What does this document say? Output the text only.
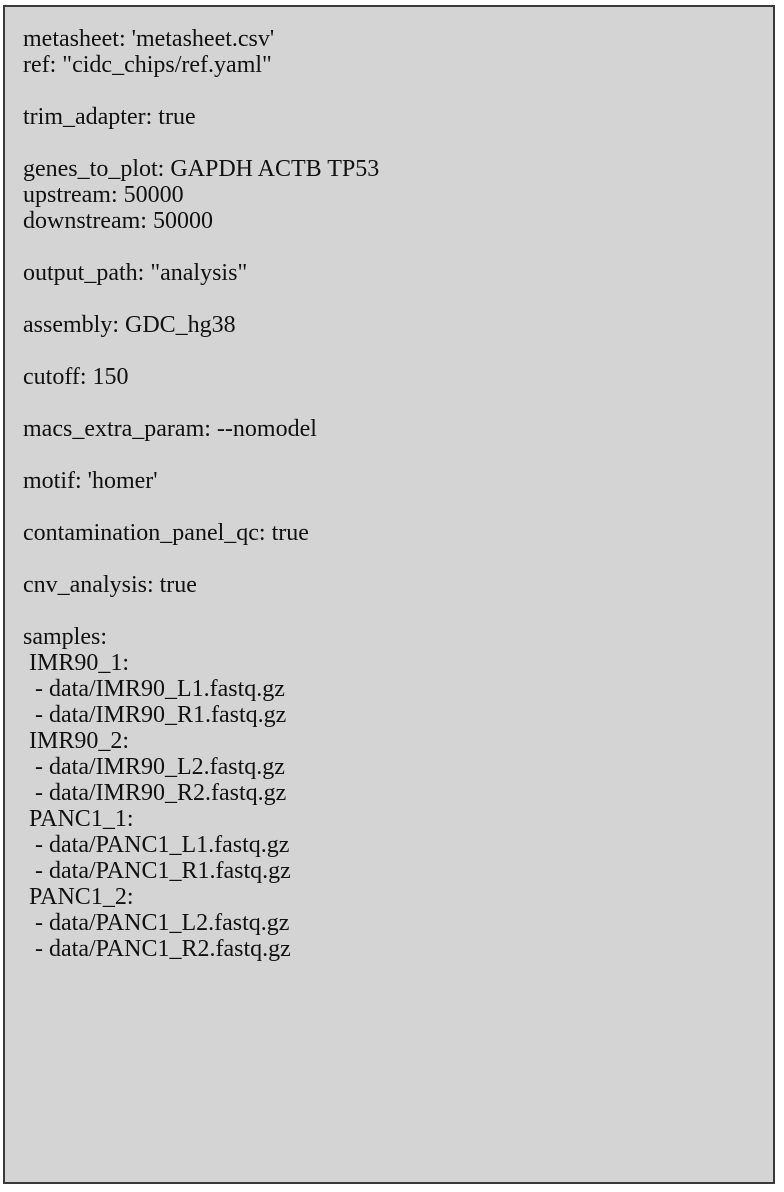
metasheet: 'metasheet.csv'
ref: "cidc_chips/ref.yaml"
trim_adapter: true
genes_to_plot: GAPDH ACTB TP53
upstream: 50000
downstream: 50000
output_path: "analysis"
assembly: GDC_hg38
cutoff: 150
macs_extra_param: --nomodel
motif: 'homer'
contamination_panel_qc: true
cnv_analysis: true
samples:
IMR90_1:
- data/IMR90_L1.fastq.gz
- data/IMR90_R1.fastq.gz
IMR90_2:
- data/IMR90_L2.fastq.gz
- data/IMR90_R2.fastq.gz
PANC1_1:
- data/PANC1_L1.fastq.gz
- data/PANC1_R1.fastq.gz
PANC1_2:
- data/PANC1_L2.fastq.gz
- data/PANC1_R2.fastq.gz
